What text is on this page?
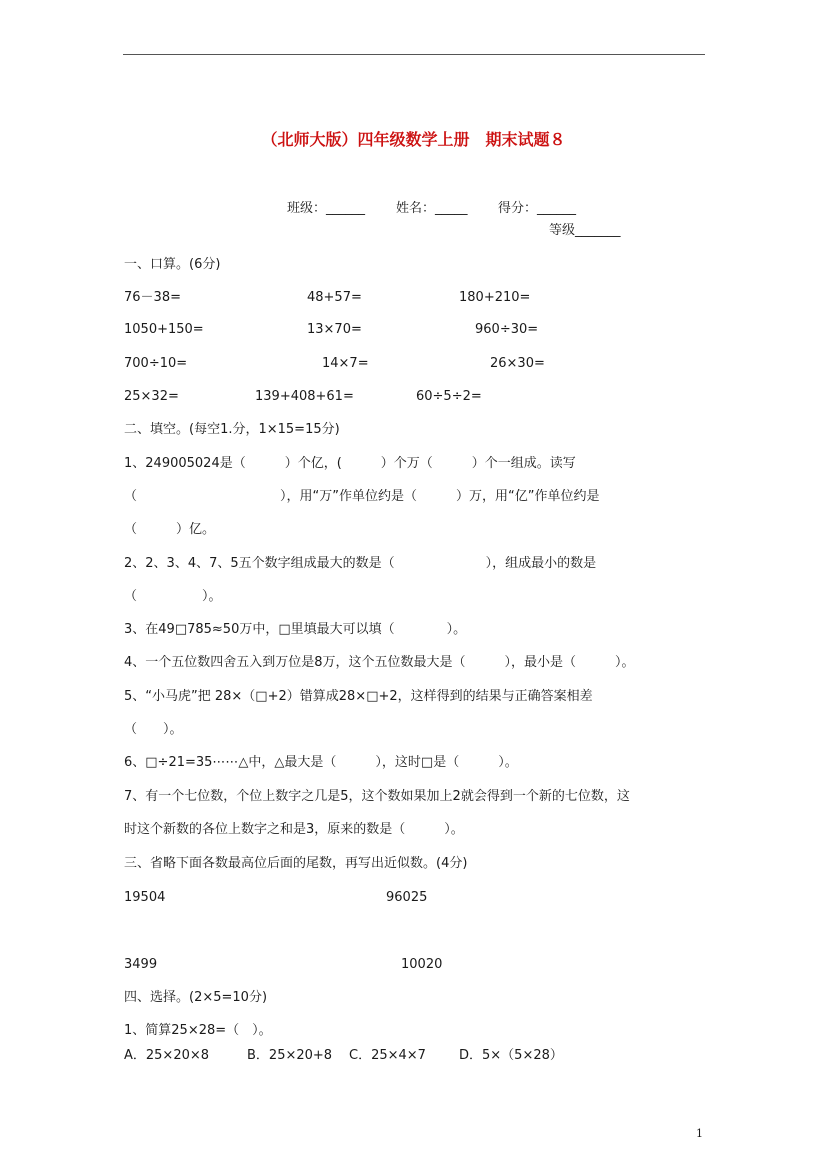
（北师大版）四年级数学上册　期末试题８
班级：______ 姓名：_____ 得分：______
等级_______
一、口算。(6分)
76－38=	48+57=	180+210=
1050+150=	13×70=	960÷30=
700÷10=	14×7=	26×30=
25×32=	139+408+61=	60÷5÷2=
二、填空。(每空1.分，1×15=15分)
1、249005024是（　　　）个亿，(　　　）个万（　　　）个一组成。读写
（　　　　　　　　　　　），用“万”作单位约是（　　　）万，用“亿”作单位约是
（　　　）亿。
2、2、3、4、7、5五个数字组成最大的数是（　　　　　　　），组成最小的数是
（　　　　　）。
3、在49□785≈50万中，□里填最大可以填（　　　　）。
4、一个五位数四舍五入到万位是8万，这个五位数最大是（　　　），最小是（　　　）。
5、“小马虎”把 28×（□+2）错算成28×□+2，这样得到的结果与正确答案相差
（　　）。
6、□÷21=35⋯⋯△中，△最大是（　　　），这时□是（　　　）。
7、有一个七位数，个位上数字之几是5，这个数如果加上2就会得到一个新的七位数，这
时这个新数的各位上数字之和是3，原来的数是（　　　）。
三、省略下面各数最高位后面的尾数，再写出近似数。(4分)
19504	96025
3499	10020
四、选择。(2×5=10分)
1、简算25×28=（　）。
A．25×20×8	B．25×20+8 C．25×4×7	D．5×（5×28）
1
